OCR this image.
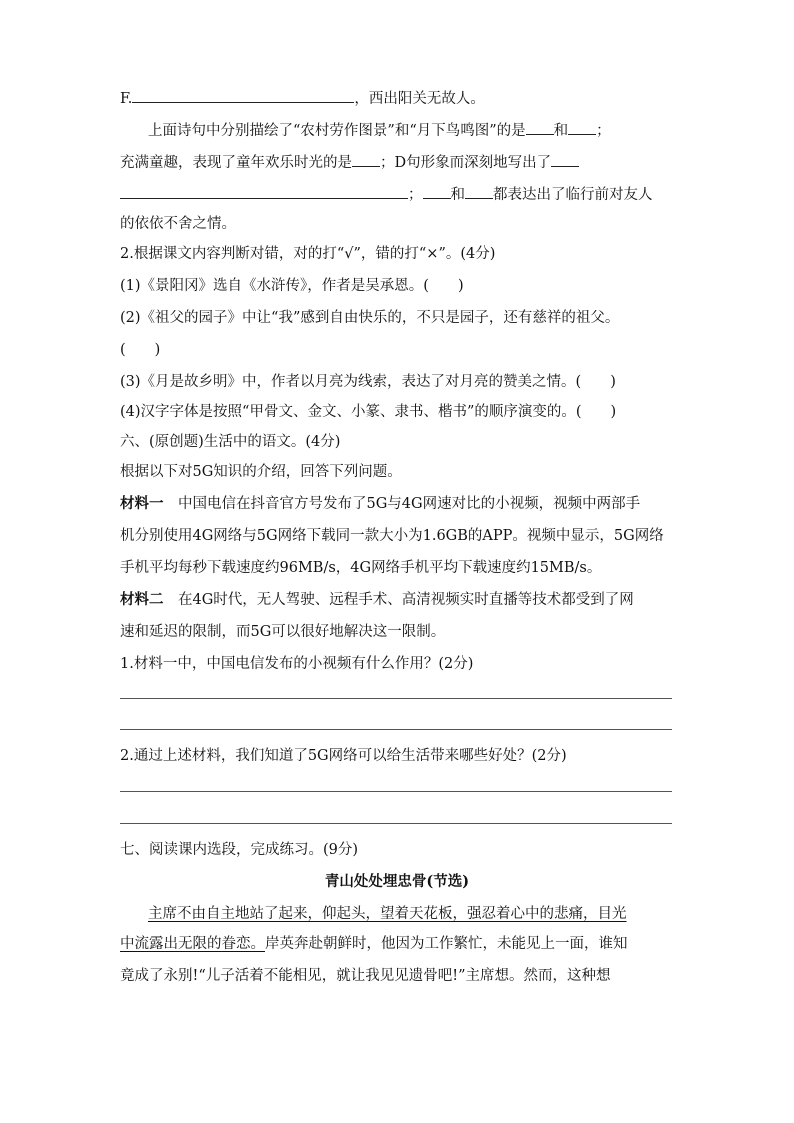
F.	，西出阳关无故人。
上面诗句中分别描绘了“农村劳作图景”和“月下鸟鸣图”的是 和 ；
充满童趣，表现了童年欢乐时光的是 ；D句形象而深刻地写出了
； 和 都表达出了临行前对友人
的依依不舍之情。
2.根据课文内容判断对错，对的打“√”，错的打“×”。(4分)
(1)《景阳冈》选自《水浒传》，作者是吴承恩。(　　)
(2)《祖父的园子》中让“我”感到自由快乐的，不只是园子，还有慈祥的祖父。
(　　)
(3)《月是故乡明》中，作者以月亮为线索，表达了对月亮的赞美之情。(　　)
(4)汉字字体是按照“甲骨文、金文、小篆、隶书、楷书”的顺序演变的。(　　)
六、(原创题)生活中的语文。(4分)
根据以下对5G知识的介绍，回答下列问题。
材料一　中国电信在抖音官方号发布了5G与4G网速对比的小视频，视频中两部手
机分别使用4G网络与5G网络下载同一款大小为1.6GB的APP。视频中显示，5G网络
手机平均每秒下载速度约96MB/s，4G网络手机平均下载速度约15MB/s。
材料二　在4G时代，无人驾驶、远程手术、高清视频实时直播等技术都受到了网
速和延迟的限制，而5G可以很好地解决这一限制。
1.材料一中，中国电信发布的小视频有什么作用？(2分)
2.通过上述材料，我们知道了5G网络可以给生活带来哪些好处？(2分)
七、阅读课内选段，完成练习。(9分)
青山处处埋忠骨(节选)
主席不由自主地站了起来，仰起头，望着天花板，强忍着心中的悲痛，目光
中流露出无限的眷恋。岸英奔赴朝鲜时，他因为工作繁忙，未能见上一面，谁知
竟成了永别!“儿子活着不能相见，就让我见见遗骨吧!”主席想。然而，这种想
